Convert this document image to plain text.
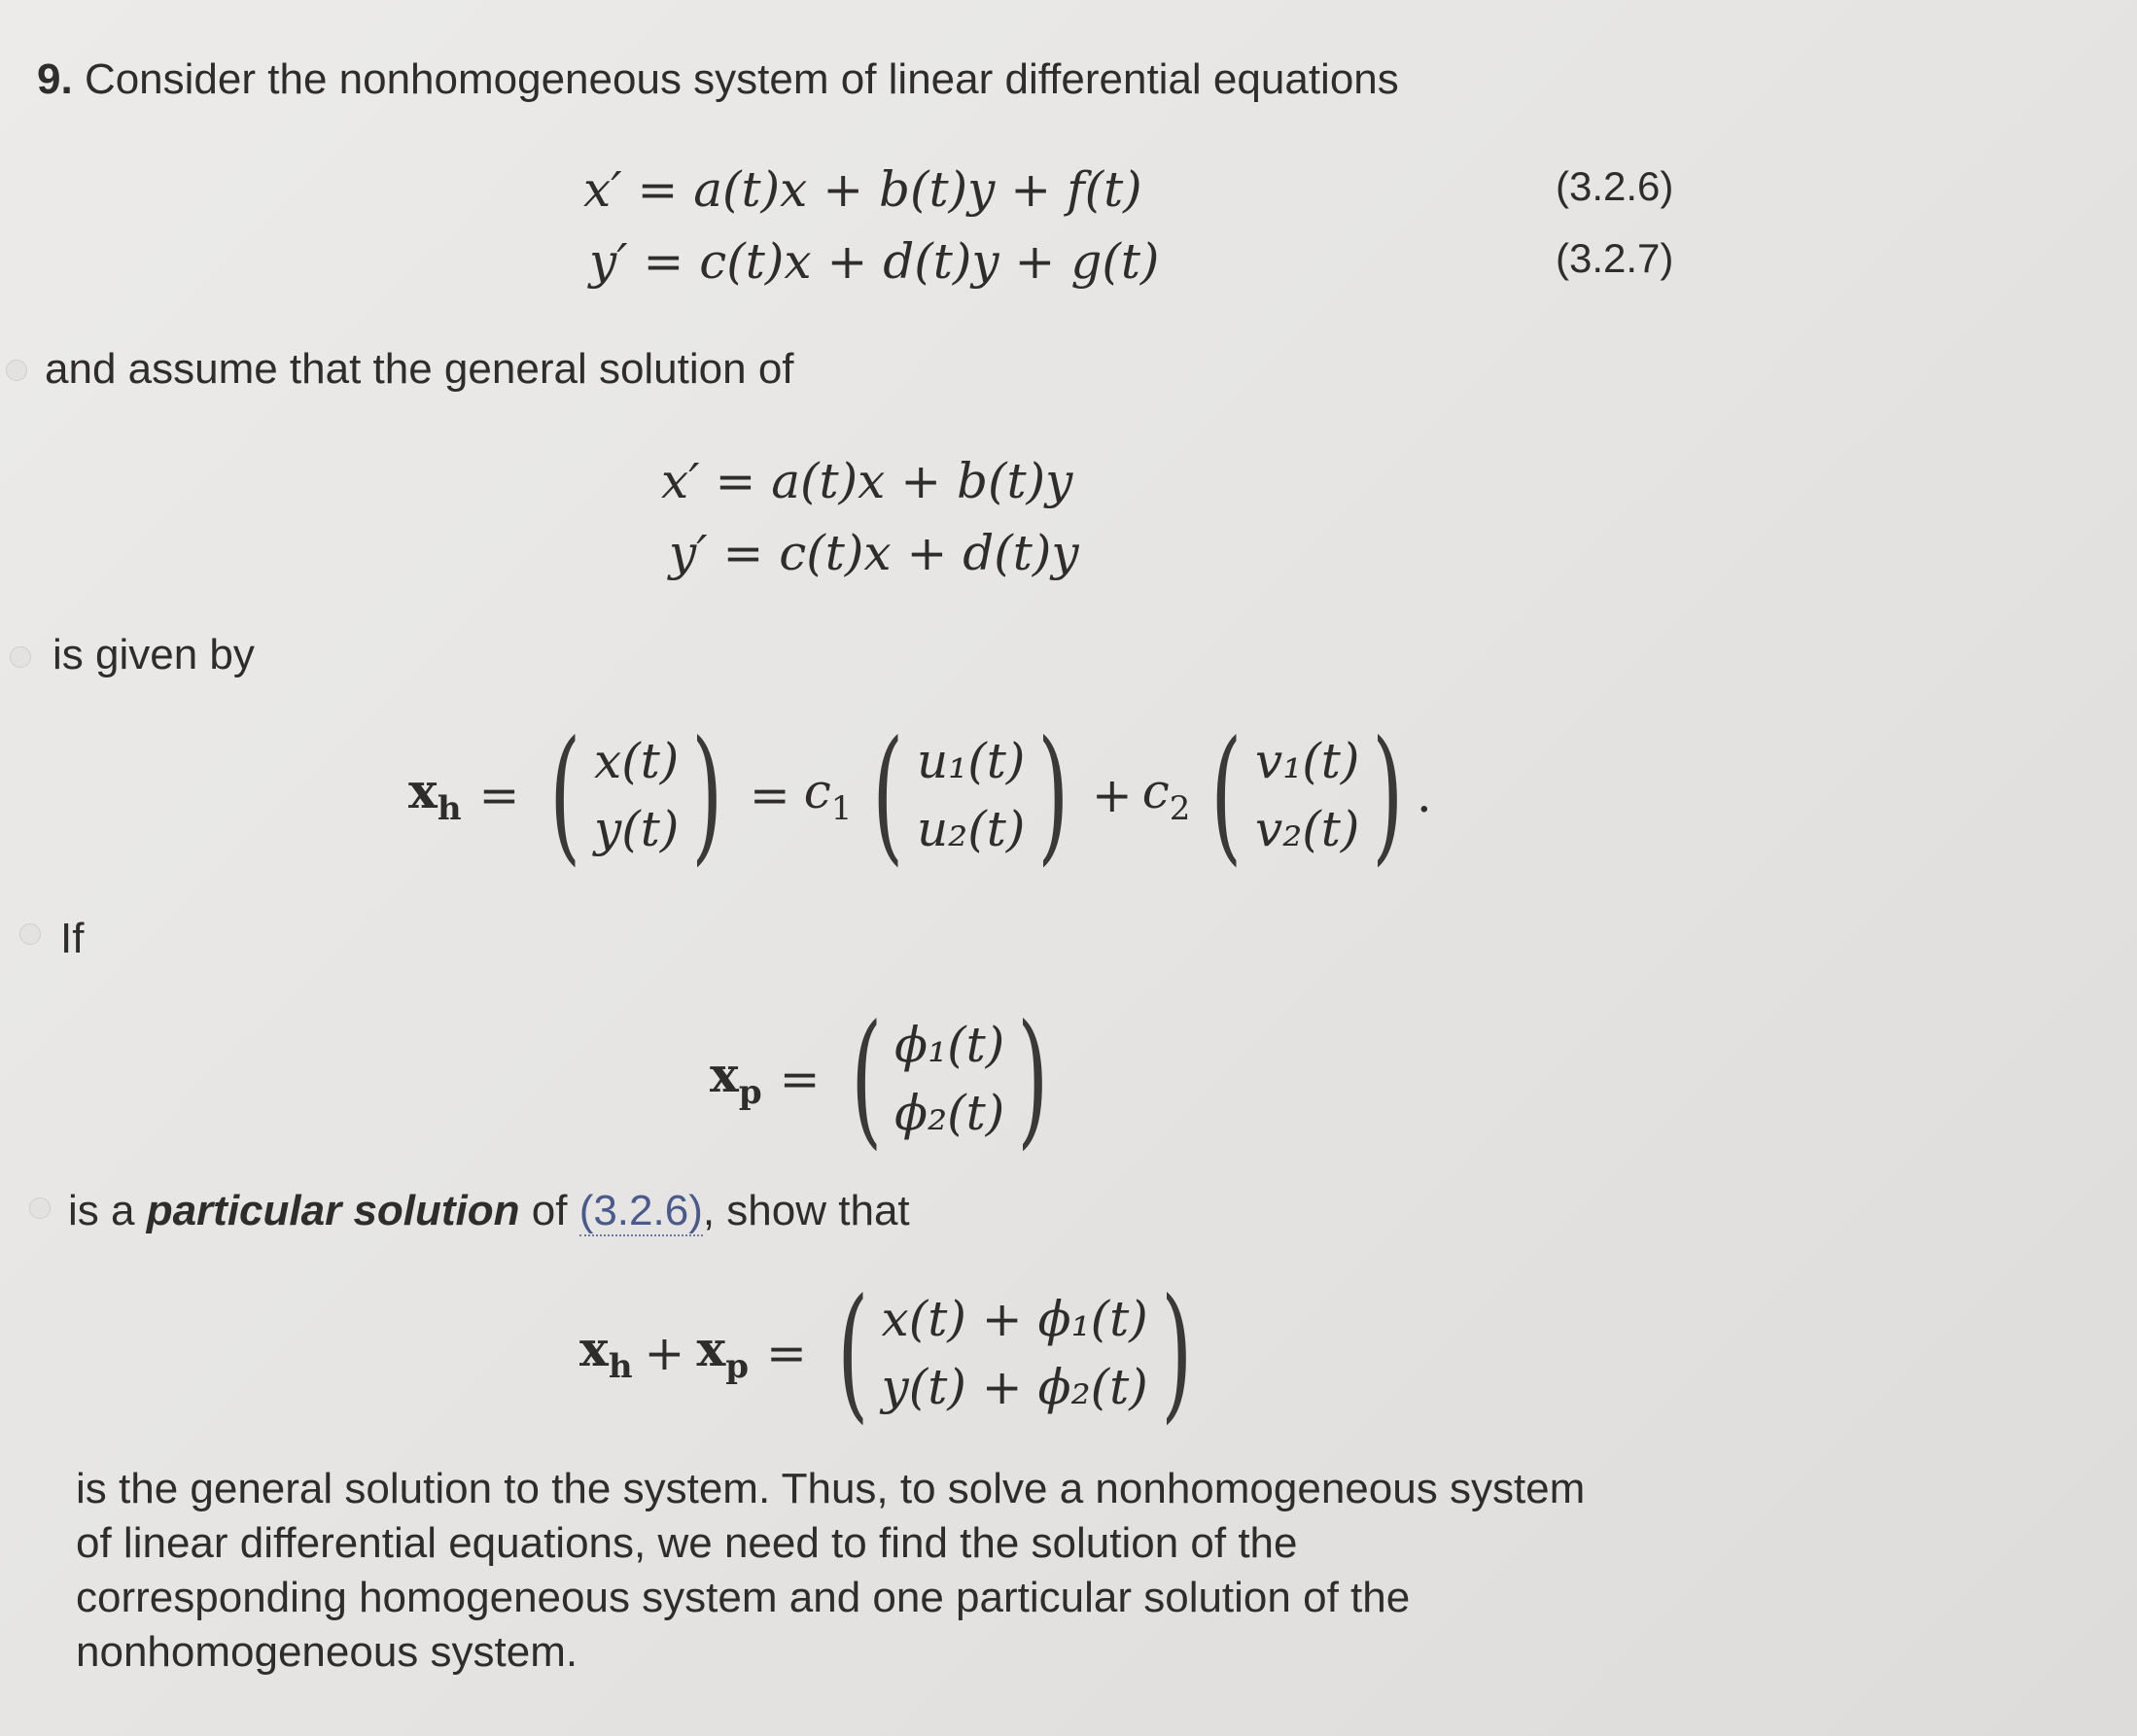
9. Consider the nonhomogeneous system of linear differential equations
x′ = a(t)x + b(t)y + f(t)	(3.2.6)
y′ = c(t)x + d(t)y + g(t)	(3.2.7)
and assume that the general solution of
x′ = a(t)x + b(t)y
y′ = c(t)x + d(t)y
is given by
$x_h$ = ( x(t)
y(t) ) = $c_1$ ( u₁(t)
u₂(t) ) + $c_2$ ( v₁(t)
v₂(t) ) .
If
$x_p$ = ( ϕ₁(t)
ϕ₂(t) )
is a particular solution of (3.2.6), show that
$x_h + x_p$ = ( x(t) + ϕ₁(t)
y(t) + ϕ₂(t) )
is the general solution to the system. Thus, to solve a nonhomogeneous system
of linear differential equations, we need to find the solution of the
corresponding homogeneous system and one particular solution of the
nonhomogeneous system.
